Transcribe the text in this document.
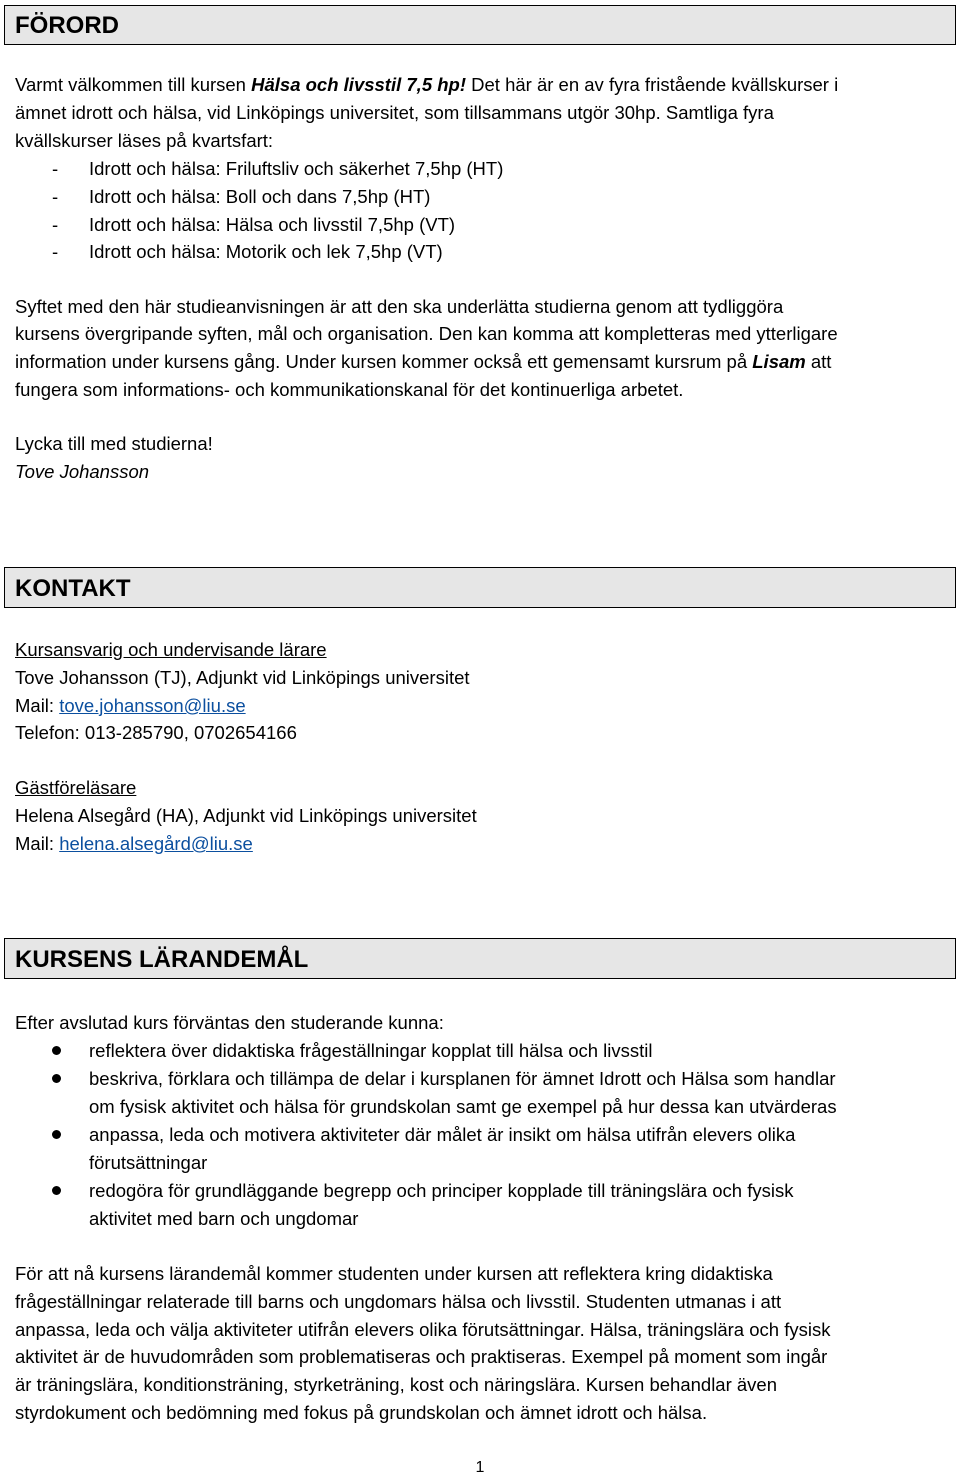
FÖRORD
Varmt välkommen till kursen Hälsa och livsstil 7,5 hp! Det här är en av fyra fristående kvällskurser i
ämnet idrott och hälsa, vid Linköpings universitet, som tillsammans utgör 30hp. Samtliga fyra
kvällskurser läses på kvartsfart:
- Idrott och hälsa: Friluftsliv och säkerhet 7,5hp (HT)
- Idrott och hälsa: Boll och dans 7,5hp (HT)
- Idrott och hälsa: Hälsa och livsstil 7,5hp (VT)
- Idrott och hälsa: Motorik och lek 7,5hp (VT)
Syftet med den här studieanvisningen är att den ska underlätta studierna genom att tydliggöra
kursens övergripande syften, mål och organisation. Den kan komma att kompletteras med ytterligare
information under kursens gång. Under kursen kommer också ett gemensamt kursrum på Lisam att
fungera som informations- och kommunikationskanal för det kontinuerliga arbetet.
Lycka till med studierna!
Tove Johansson
KONTAKT
Kursansvarig och undervisande lärare
Tove Johansson (TJ), Adjunkt vid Linköpings universitet
Mail: tove.johansson@liu.se
Telefon: 013-285790, 0702654166
Gästföreläsare
Helena Alsegård (HA), Adjunkt vid Linköpings universitet
Mail: helena.alsegård@liu.se
KURSENS LÄRANDEMÅL
Efter avslutad kurs förväntas den studerande kunna:
reflektera över didaktiska frågeställningar kopplat till hälsa och livsstil
beskriva, förklara och tillämpa de delar i kursplanen för ämnet Idrott och Hälsa som handlar
om fysisk aktivitet och hälsa för grundskolan samt ge exempel på hur dessa kan utvärderas
anpassa, leda och motivera aktiviteter där målet är insikt om hälsa utifrån elevers olika
förutsättningar
redogöra för grundläggande begrepp och principer kopplade till träningslära och fysisk
aktivitet med barn och ungdomar
För att nå kursens lärandemål kommer studenten under kursen att reflektera kring didaktiska
frågeställningar relaterade till barns och ungdomars hälsa och livsstil. Studenten utmanas i att
anpassa, leda och välja aktiviteter utifrån elevers olika förutsättningar. Hälsa, träningslära och fysisk
aktivitet är de huvudområden som problematiseras och praktiseras. Exempel på moment som ingår
är träningslära, konditionsträning, styrketräning, kost och näringslära. Kursen behandlar även
styrdokument och bedömning med fokus på grundskolan och ämnet idrott och hälsa.
1
